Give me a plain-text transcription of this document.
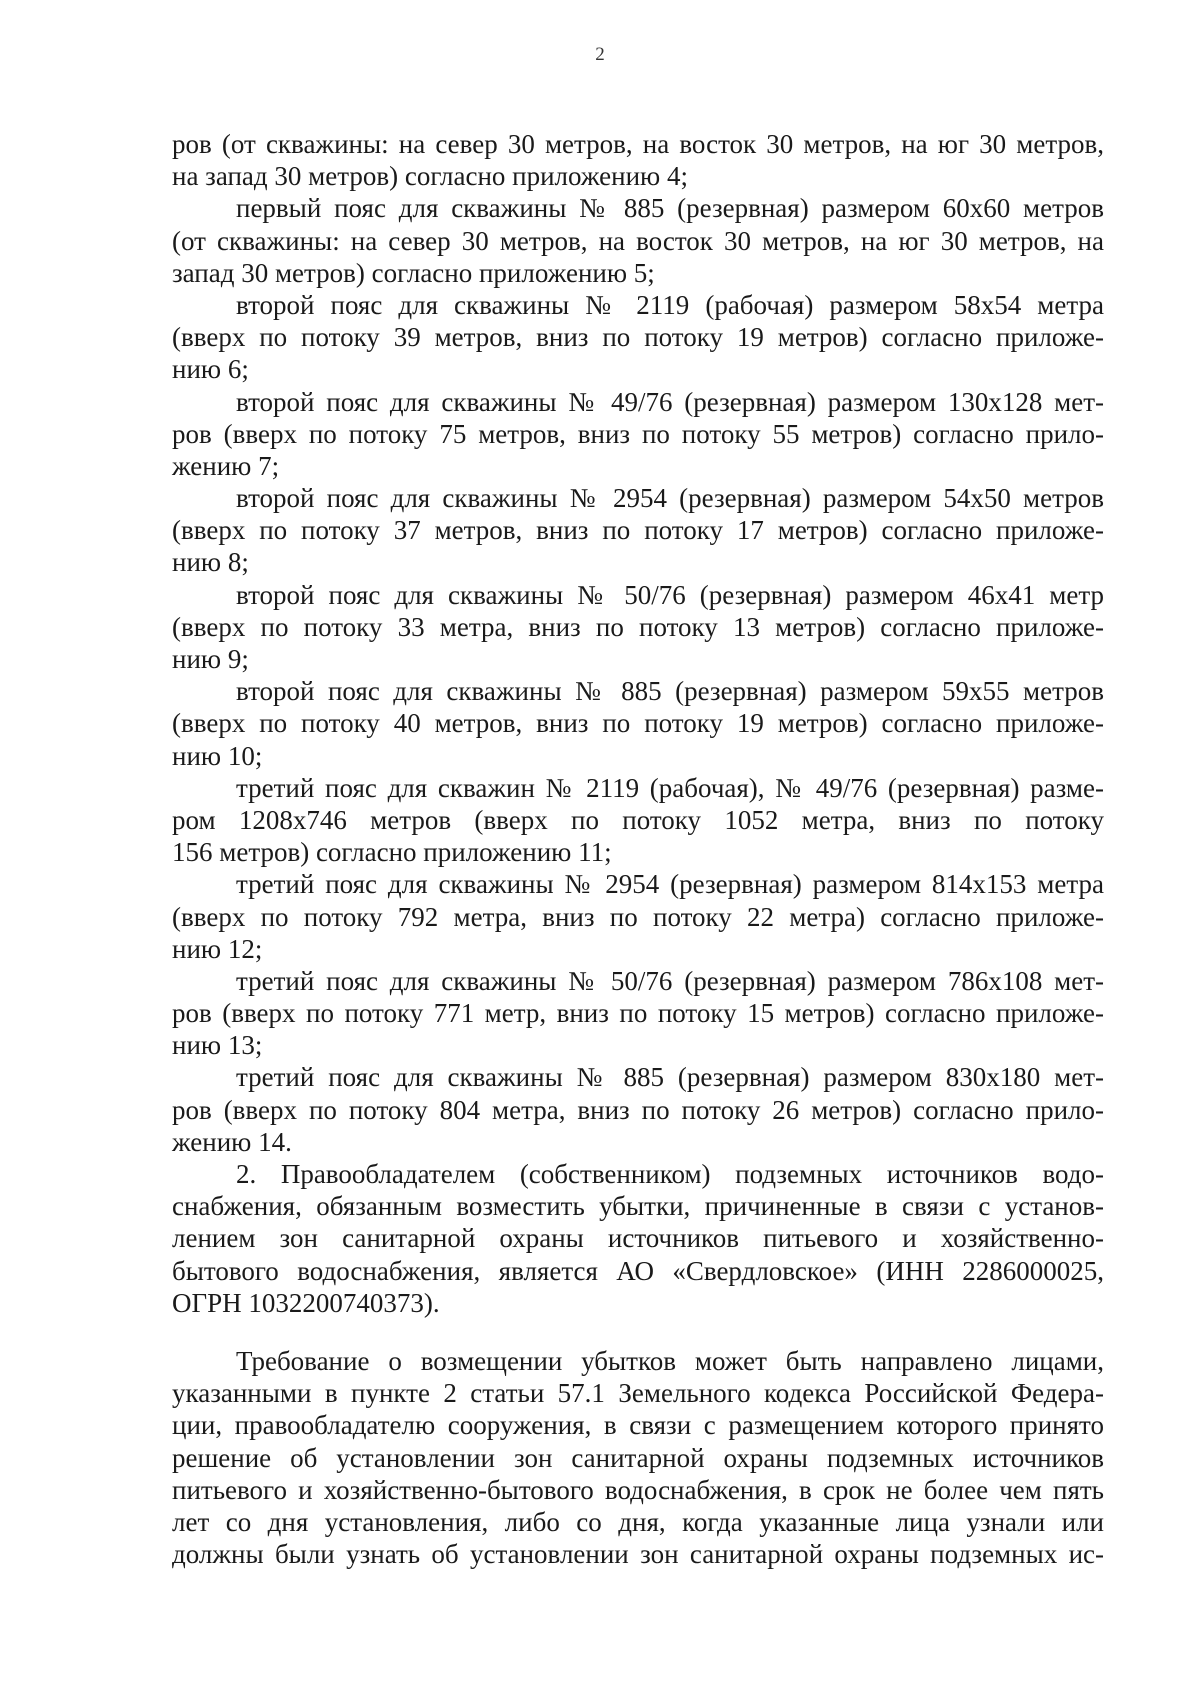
2
ров (от скважины: на север 30 метров, на восток 30 метров, на юг 30 метров,
на запад 30 метров) согласно приложению 4;
первый пояс для скважины № 885 (резервная) размером 60х60 метров
(от скважины: на север 30 метров, на восток 30 метров, на юг 30 метров, на
запад 30 метров) согласно приложению 5;
второй пояс для скважины № 2119 (рабочая) размером 58х54 метра
(вверх по потоку 39 метров, вниз по потоку 19 метров) согласно приложе-
нию 6;
второй пояс для скважины № 49/76 (резервная) размером 130х128 мет-
ров (вверх по потоку 75 метров, вниз по потоку 55 метров) согласно прило-
жению 7;
второй пояс для скважины № 2954 (резервная) размером 54х50 метров
(вверх по потоку 37 метров, вниз по потоку 17 метров) согласно приложе-
нию 8;
второй пояс для скважины № 50/76 (резервная) размером 46х41 метр
(вверх по потоку 33 метра, вниз по потоку 13 метров) согласно приложе-
нию 9;
второй пояс для скважины № 885 (резервная) размером 59х55 метров
(вверх по потоку 40 метров, вниз по потоку 19 метров) согласно приложе-
нию 10;
третий пояс для скважин № 2119 (рабочая), № 49/76 (резервная) разме-
ром 1208х746 метров (вверх по потоку 1052 метра, вниз по потоку
156 метров) согласно приложению 11;
третий пояс для скважины № 2954 (резервная) размером 814х153 метра
(вверх по потоку 792 метра, вниз по потоку 22 метра) согласно приложе-
нию 12;
третий пояс для скважины № 50/76 (резервная) размером 786х108 мет-
ров (вверх по потоку 771 метр, вниз по потоку 15 метров) согласно приложе-
нию 13;
третий пояс для скважины № 885 (резервная) размером 830х180 мет-
ров (вверх по потоку 804 метра, вниз по потоку 26 метров) согласно прило-
жению 14.
2. Правообладателем (собственником) подземных источников водо-
снабжения, обязанным возместить убытки, причиненные в связи с установ-
лением зон санитарной охраны источников питьевого и хозяйственно-
бытового водоснабжения, является АО «Свердловское» (ИНН 2286000025,
ОГРН 1032200740373).
Требование о возмещении убытков может быть направлено лицами,
указанными в пункте 2 статьи 57.1 Земельного кодекса Российской Федера-
ции, правообладателю сооружения, в связи с размещением которого принято
решение об установлении зон санитарной охраны подземных источников
питьевого и хозяйственно-бытового водоснабжения, в срок не более чем пять
лет со дня установления, либо со дня, когда указанные лица узнали или
должны были узнать об установлении зон санитарной охраны подземных ис-
